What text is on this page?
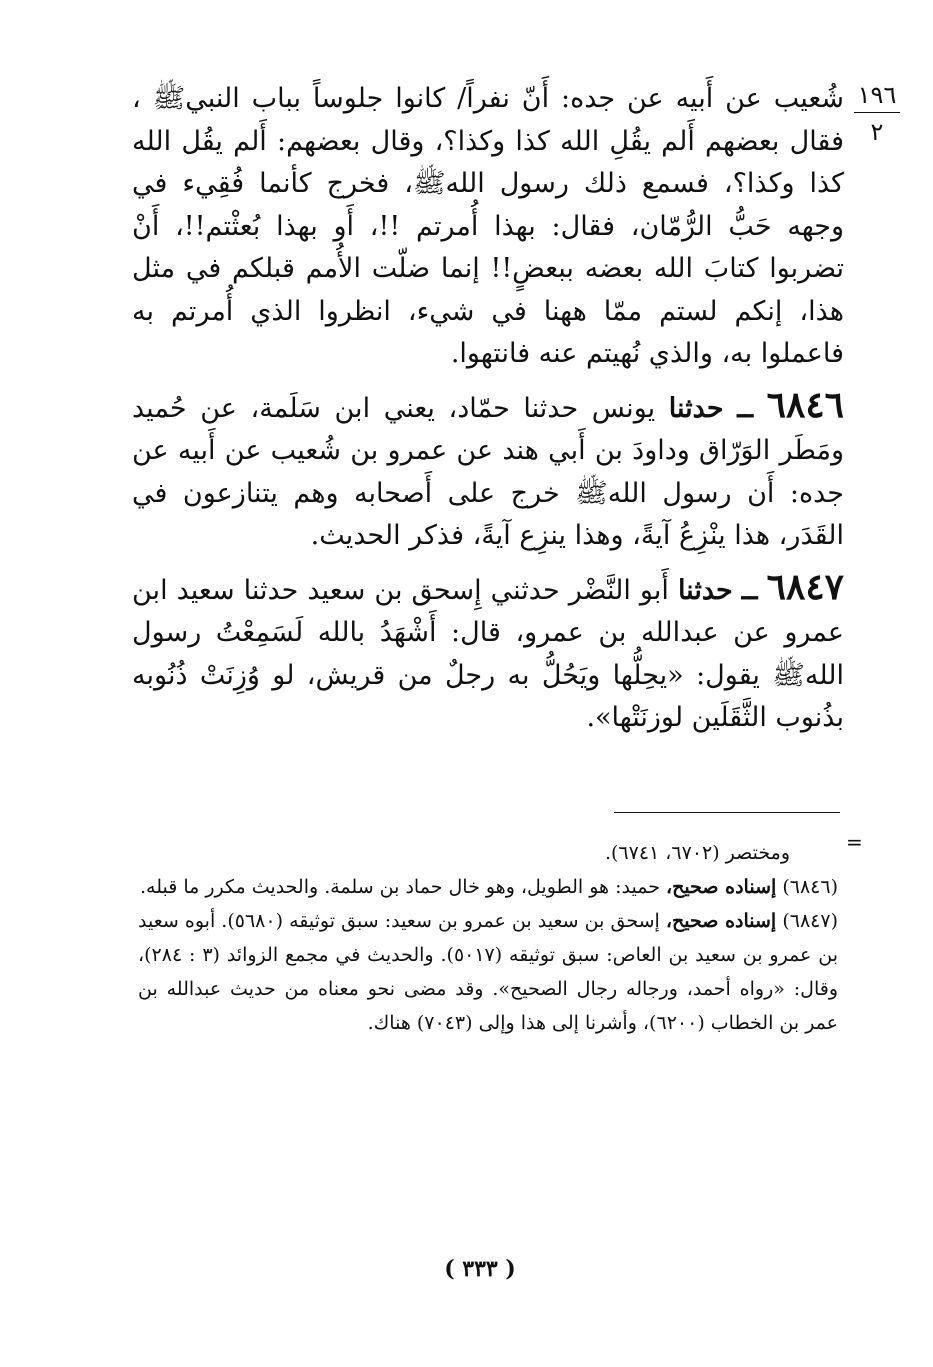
١٩٦
٢

شُعيب عن أَبيه عن جده: أَنّ نفراً/ كانوا جلوساً بباب النبيﷺ ، فقال بعضهم أَلم يقُلِ الله كذا وكذا؟، وقال بعضهم: أَلم يقُل الله كذا وكذا؟، فسمع ذلك رسول اللهﷺ، فخرج كأنما فُقِيء في وجهه حَبُّ الرُّمّان، فقال: بهذا أُمرتم !!، أَو بهذا بُعثْتم!!، أَنْ تضربوا كتابَ الله بعضه ببعضٍ!! إنما ضلّت الأُمم قبلكم في مثل هذا، إنكم لستم ممّا ههنا في شيء، انظروا الذي أُمرتم به فاعملوا به، والذي نُهيتم عنه فانتهوا.

٦٨٤٦ ــ حدثنا يونس حدثنا حمّاد، يعني ابن سَلَمة، عن حُميد ومَطَر الوَرّاق وداودَ بن أَبي هند عن عمرو بن شُعيب عن أَبيه عن جده: أَن رسول اللهﷺ خرج على أَصحابه وهم يتنازعون في القَدَر، هذا ينْزِعُ آيةً، وهذا ينزِع آيةً، فذكر الحديث.

٦٨٤٧ ــ حدثنا أَبو النَّضْر حدثني إِسحق بن سعيد حدثنا سعيد ابن عمرو عن عبدالله بن عمرو، قال: أَشْهَدُ بالله لَسَمِعْتُ رسول اللهﷺ يقول: «يحِلُّها ويَحُلُّ به رجلٌ من قريش، لو وُزِنَتْ ذُنُوبه بذُنوب الثَّقَلَين لوزنَتْها».

=

ومختصر (٦٧٠٢، ٦٧٤١).

(٦٨٤٦) إسناده صحيح، حميد: هو الطويل، وهو خال حماد بن سلمة. والحديث مكرر ما قبله.

(٦٨٤٧) إسناده صحيح، إسحق بن سعيد بن عمرو بن سعيد: سبق توثيقه (٥٦٨٠). أبوه سعيد بن عمرو بن سعيد بن العاص: سبق توثيقه (٥٠١٧). والحديث في مجمع الزوائد (٣ : ٢٨٤)، وقال: «رواه أحمد، ورجاله رجال الصحيح». وقد مضى نحو معناه من حديث عبدالله بن عمر بن الخطاب (٦٢٠٠)، وأشرنا إلى هذا وإلى (٧٠٤٣) هناك.

( ٣٣٣ )
